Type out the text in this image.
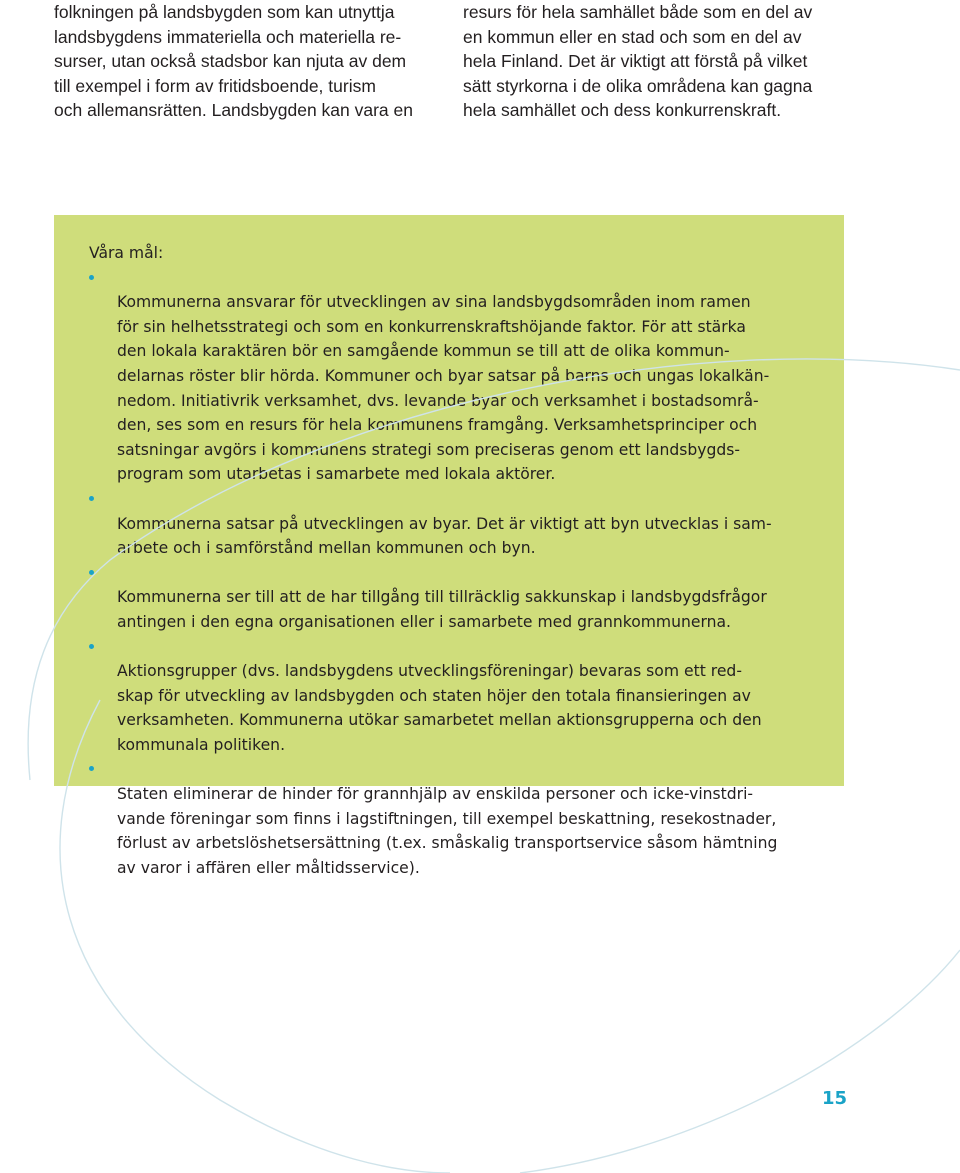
folkningen på landsbygden som kan utnyttja
landsbygdens immateriella och materiella re-
surser, utan också stadsbor kan njuta av dem
till exempel i form av fritidsboende, turism
och allemansrätten. Landsbygden kan vara en

resurs för hela samhället både som en del av
en kommun eller en stad och som en del av
hela Finland. Det är viktigt att förstå på vilket
sätt styrkorna i de olika områdena kan gagna
hela samhället och dess konkurrenskraft.

Våra mål:

Kommunerna ansvarar för utvecklingen av sina landsbygdsområden inom ramen
för sin helhetsstrategi och som en konkurrenskraftshöjande faktor. För att stärka
den lokala karaktären bör en samgående kommun se till att de olika kommun-
delarnas röster blir hörda. Kommuner och byar satsar på barns och ungas lokalkän-
nedom. Initiativrik verksamhet, dvs. levande byar och verksamhet i bostadsområ-
den, ses som en resurs för hela kommunens framgång. Verksamhetsprinciper och
satsningar avgörs i kommunens strategi som preciseras genom ett landsbygds-
program som utarbetas i samarbete med lokala aktörer.

Kommunerna satsar på utvecklingen av byar. Det är viktigt att byn utvecklas i sam-
arbete och i samförstånd mellan kommunen och byn.

Kommunerna ser till att de har tillgång till tillräcklig sakkunskap i landsbygdsfrågor
antingen i den egna organisationen eller i samarbete med grannkommunerna.

Aktionsgrupper (dvs. landsbygdens utvecklingsföreningar) bevaras som ett red-
skap för utveckling av landsbygden och staten höjer den totala finansieringen av
verksamheten. Kommunerna utökar samarbetet mellan aktionsgrupperna och den
kommunala politiken.

Staten eliminerar de hinder för grannhjälp av enskilda personer och icke-vinstdri-
vande föreningar som finns i lagstiftningen, till exempel beskattning, resekostnader,
förlust av arbetslöshetsersättning (t.ex. småskalig transportservice såsom hämtning
av varor i affären eller måltidsservice).

15
